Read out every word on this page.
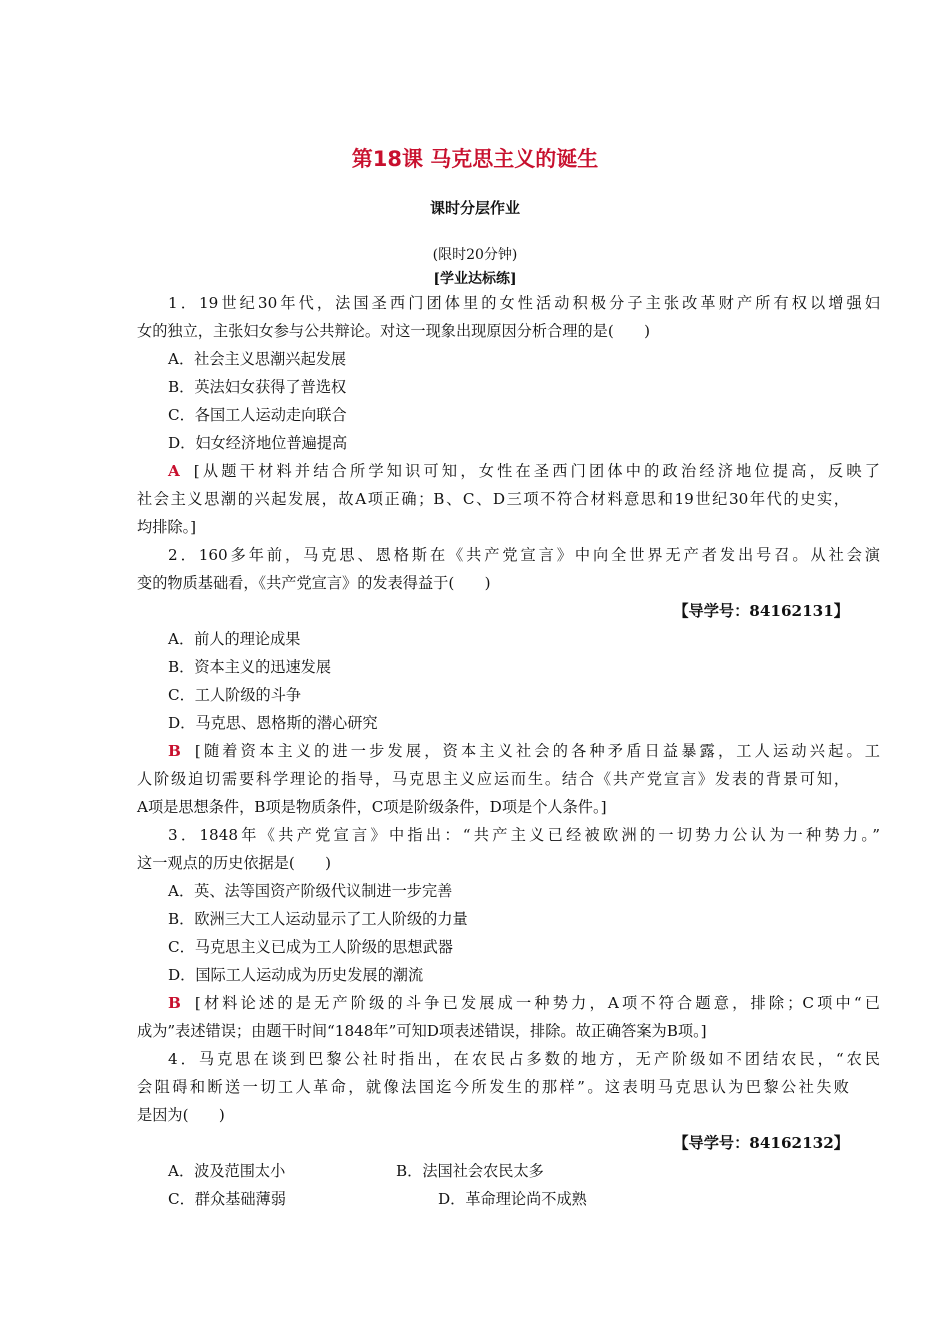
第18课 马克思主义的诞生
课时分层作业
(限时20分钟)
[学业达标练]
1．19世纪30年代，法国圣西门团体里的女性活动积极分子主张改革财产所有权以增强妇
女的独立，主张妇女参与公共辩论。对这一现象出现原因分析合理的是(　　)
A．社会主义思潮兴起发展
B．英法妇女获得了普选权
C．各国工人运动走向联合
D．妇女经济地位普遍提高
A [从题干材料并结合所学知识可知，女性在圣西门团体中的政治经济地位提高，反映了
社会主义思潮的兴起发展，故A项正确；B、C、D三项不符合材料意思和19世纪30年代的史实，
均排除。]
2．160多年前，马克思、恩格斯在《共产党宣言》中向全世界无产者发出号召。从社会演
变的物质基础看，《共产党宣言》的发表得益于(　　)
【导学号：84162131】
A．前人的理论成果
B．资本主义的迅速发展
C．工人阶级的斗争
D．马克思、恩格斯的潜心研究
B [随着资本主义的进一步发展，资本主义社会的各种矛盾日益暴露，工人运动兴起。工
人阶级迫切需要科学理论的指导，马克思主义应运而生。结合《共产党宣言》发表的背景可知，
A项是思想条件，B项是物质条件，C项是阶级条件，D项是个人条件。]
3．1848年《共产党宣言》中指出：“共产主义已经被欧洲的一切势力公认为一种势力。”
这一观点的历史依据是(　　)
A．英、法等国资产阶级代议制进一步完善
B．欧洲三大工人运动显示了工人阶级的力量
C．马克思主义已成为工人阶级的思想武器
D．国际工人运动成为历史发展的潮流
B [材料论述的是无产阶级的斗争已发展成一种势力，A项不符合题意，排除；C项中“已
成为”表述错误；由题干时间“1848年”可知D项表述错误，排除。故正确答案为B项。]
4．马克思在谈到巴黎公社时指出，在农民占多数的地方，无产阶级如不团结农民，“农民
会阻碍和断送一切工人革命，就像法国迄今所发生的那样”。这表明马克思认为巴黎公社失败
是因为(　　)
【导学号：84162132】
A．波及范围太小	B．法国社会农民太多
C．群众基础薄弱	D．革命理论尚不成熟
